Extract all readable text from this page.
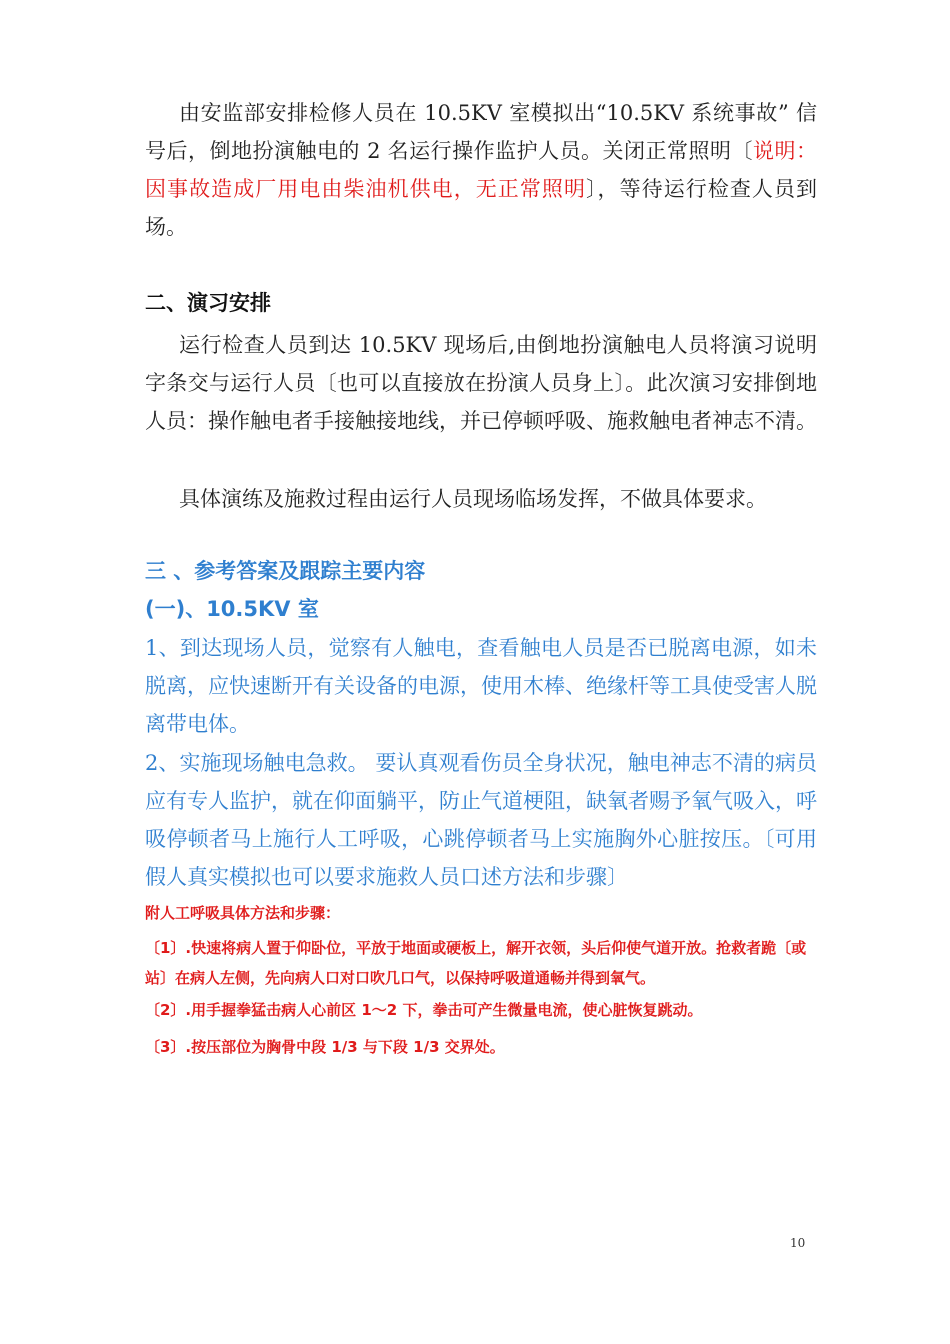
由安监部安排检修人员在 10.5KV 室模拟出“10.5KV 系统事故” 信号后，倒地扮演触电的 2 名运行操作监护人员。关闭正常照明〔说明：因事故造成厂用电由柴油机供电，无正常照明〕，等待运行检查人员到场。

二、演习安排

运行检查人员到达 10.5KV 现场后,由倒地扮演触电人员将演习说明字条交与运行人员〔也可以直接放在扮演人员身上〕。此次演习安排倒地人员：操作触电者手接触接地线，并已停顿呼吸、施救触电者神志不清。

具体演练及施救过程由运行人员现场临场发挥，不做具体要求。

三 、参考答案及跟踪主要内容
(一)、10.5KV 室

1、到达现场人员，觉察有人触电，查看触电人员是否已脱离电源，如未脱离，应快速断开有关设备的电源，使用木棒、绝缘杆等工具使受害人脱离带电体。

2、实施现场触电急救。 要认真观看伤员全身状况，触电神志不清的病员应有专人监护，就在仰面躺平，防止气道梗阻，缺氧者赐予氧气吸入，呼吸停顿者马上施行人工呼吸，心跳停顿者马上实施胸外心脏按压。〔可用假人真实模拟也可以要求施救人员口述方法和步骤〕

附人工呼吸具体方法和步骤：

〔1〕.快速将病人置于仰卧位，平放于地面或硬板上，解开衣领，头后仰使气道开放。抢救者跪〔或站〕在病人左侧，先向病人口对口吹几口气，以保持呼吸道通畅并得到氧气。

〔2〕.用手握拳猛击病人心前区 1～2 下，拳击可产生微量电流，使心脏恢复跳动。

〔3〕.按压部位为胸骨中段 1/3 与下段 1/3 交界处。

10
